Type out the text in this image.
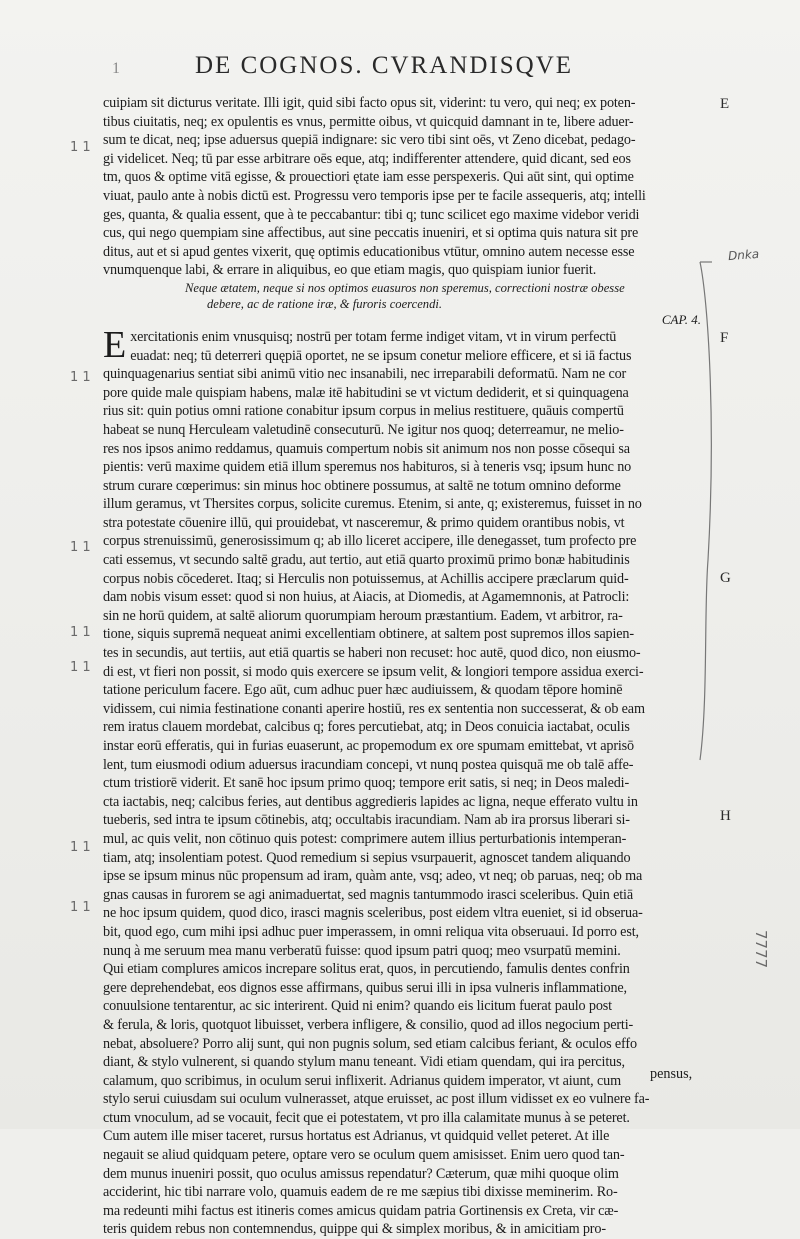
1	DE COGNOS. CVRANDISQVE
cuipiam sit dicturus veritate. Illi igit, quid sibi facto opus sit, viderint: tu vero, qui neq; ex poten-
tibus ciuitatis, neq; ex opulentis es vnus, permitte oibus, vt quicquid damnant in te, libere aduer-
sum te dicat, neq; ipse aduersus quepiā indignare: sic vero tibi sint oēs, vt Zeno dicebat, pedago-
gi videlicet. Neq; tū par esse arbitrare oēs eque, atq; indifferenter attendere, quid dicant, sed eos
tm, quos & optime vitā egisse, & prouectiori ętate iam esse perspexeris. Qui aūt sint, qui optime
viuat, paulo ante à nobis dictū est. Progressu vero temporis ipse per te facile assequeris, atq; intelli
ges, quanta, & qualia essent, que à te peccabantur: tibi q; tunc scilicet ego maxime videbor veridi
cus, qui nego quempiam sine affectibus, aut sine peccatis inueniri, et si optima quis natura sit pre
ditus, aut et si apud gentes vixerit, quę optimis educationibus vtūtur, omnino autem necesse esse
vnumquenque labi, & errare in aliquibus, eo que etiam magis, quo quispiam iunior fuerit.
Neque ætatem, neque si nos optimos euasuros non speremus, correctioni nostræ obesse
debere, ac de ratione iræ, & furoris coercendi.
CAP. 4.
E xercitationis enim vnusquisq; nostrū per totam ferme indiget vitam, vt in virum perfectū
euadat: neq; tū deterreri quępiā oportet, ne se ipsum conetur meliore efficere, et si iā factus
quinquagenarius sentiat sibi animū vitio nec insanabili, nec irreparabili deformatū. Nam ne cor
pore quide male quispiam habens, malæ itē habitudini se vt victum dediderit, et si quinquagena
rius sit: quin potius omni ratione conabitur ipsum corpus in melius restituere, quāuis compertū
habeat se nunq Herculeam valetudinē consecuturū. Ne igitur nos quoq; deterreamur, ne melio-
res nos ipsos animo reddamus, quamuis compertum nobis sit animum nos non posse cōsequi sa
pientis: verū maxime quidem etiā illum speremus nos habituros, si à teneris vsq; ipsum hunc no
strum curare cœperimus: sin minus hoc obtinere possumus, at saltē ne totum omnino deforme
illum geramus, vt Thersites corpus, solicite curemus. Etenim, si ante, q; existeremus, fuisset in no
stra potestate cōuenire illū, qui prouidebat, vt nasceremur, & primo quidem orantibus nobis, vt
corpus strenuissimū, generosissimum q; ab illo liceret accipere, ille denegasset, tum profecto pre
cati essemus, vt secundo saltē gradu, aut tertio, aut etiā quarto proximū primo bonæ habitudinis
corpus nobis cōcederet. Itaq; si Herculis non potuissemus, at Achillis accipere præclarum quid-
dam nobis visum esset: quod si non huius, at Aiacis, at Diomedis, at Agamemnonis, at Patrocli:
sin ne horū quidem, at saltē aliorum quorumpiam heroum præstantium. Eadem, vt arbitror, ra-
tione, siquis supremā nequeat animi excellentiam obtinere, at saltem post supremos illos sapien-
tes in secundis, aut tertiis, aut etiā quartis se haberi non recuset: hoc autē, quod dico, non eiusmo-
di est, vt fieri non possit, si modo quis exercere se ipsum velit, & longiori tempore assidua exerci-
tatione periculum facere. Ego aūt, cum adhuc puer hæc audiuissem, & quodam tēpore hominē
vidissem, cui nimia festinatione conanti aperire hostiū, res ex sententia non successerat, & ob eam
rem iratus clauem mordebat, calcibus q; fores percutiebat, atq; in Deos conuicia iactabat, oculis
instar eorū efferatis, qui in furias euaserunt, ac propemodum ex ore spumam emittebat, vt aprisō
lent, tum eiusmodi odium aduersus iracundiam concepi, vt nunq postea quisquā me ob talē affe-
ctum tristiorē viderit. Et sanē hoc ipsum primo quoq; tempore erit satis, si neq; in Deos maledi-
cta iactabis, neq; calcibus feries, aut dentibus aggredieris lapides ac ligna, neque efferato vultu in
tueberis, sed intra te ipsum cōtinebis, atq; occultabis iracundiam. Nam ab ira prorsus liberari si-
mul, ac quis velit, non cōtinuo quis potest: comprimere autem illius perturbationis intemperan-
tiam, atq; insolentiam potest. Quod remedium si sepius vsurpauerit, agnoscet tandem aliquando
ipse se ipsum minus nūc propensum ad iram, quàm ante, vsq; adeo, vt neq; ob paruas, neq; ob ma
gnas causas in furorem se agi animaduertat, sed magnis tantummodo irasci sceleribus. Quin etiā
ne hoc ipsum quidem, quod dico, irasci magnis sceleribus, post eidem vltra eueniet, si id obserua-
bit, quod ego, cum mihi ipsi adhuc puer imperassem, in omni reliqua vita obseruaui. Id porro est,
nunq à me seruum mea manu verberatū fuisse: quod ipsum patri quoq; meo vsurpatū memini.
Qui etiam complures amicos increpare solitus erat, quos, in percutiendo, famulis dentes confrin
gere deprehendebat, eos dignos esse affirmans, quibus serui illi in ipsa vulneris inflammatione,
conuulsione tentarentur, ac sic interirent. Quid ni enim? quando eis licitum fuerat paulo post
& ferula, & loris, quotquot libuisset, verbera infligere, & consilio, quod ad illos negocium perti-
nebat, absoluere? Porro alij sunt, qui non pugnis solum, sed etiam calcibus feriant, & oculos effo
diant, & stylo vulnerent, si quando stylum manu teneant. Vidi etiam quendam, qui ira percitus,
calamum, quo scribimus, in oculum serui inflixerit. Adrianus quidem imperator, vt aiunt, cum
stylo serui cuiusdam sui oculum vulnerasset, atque eruisset, ac post illum vidisset ex eo vulnere fa-
ctum vnoculum, ad se vocauit, fecit que ei potestatem, vt pro illa calamitate munus à se peteret.
Cum autem ille miser taceret, rursus hortatus est Adrianus, vt quidquid vellet peteret. At ille
negauit se aliud quidquam petere, optare vero se oculum quem amisisset. Enim uero quod tan-
dem munus inueniri possit, quo oculus amissus rependatur? Cæterum, quæ mihi quoque olim
acciderint, hic tibi narrare volo, quamuis eadem de re me sæpius tibi dixisse meminerim. Ro-
ma redeunti mihi factus est itineris comes amicus quidam patria Gortinensis ex Creta, vir cæ-
teris quidem rebus non contemnendus, quippe qui & simplex moribus, & in amicitiam pro-
E
F
G
H
Dnka
1 1
1 1
1 1
1 1
1 1
1 1
1 1
7777
pensus,
